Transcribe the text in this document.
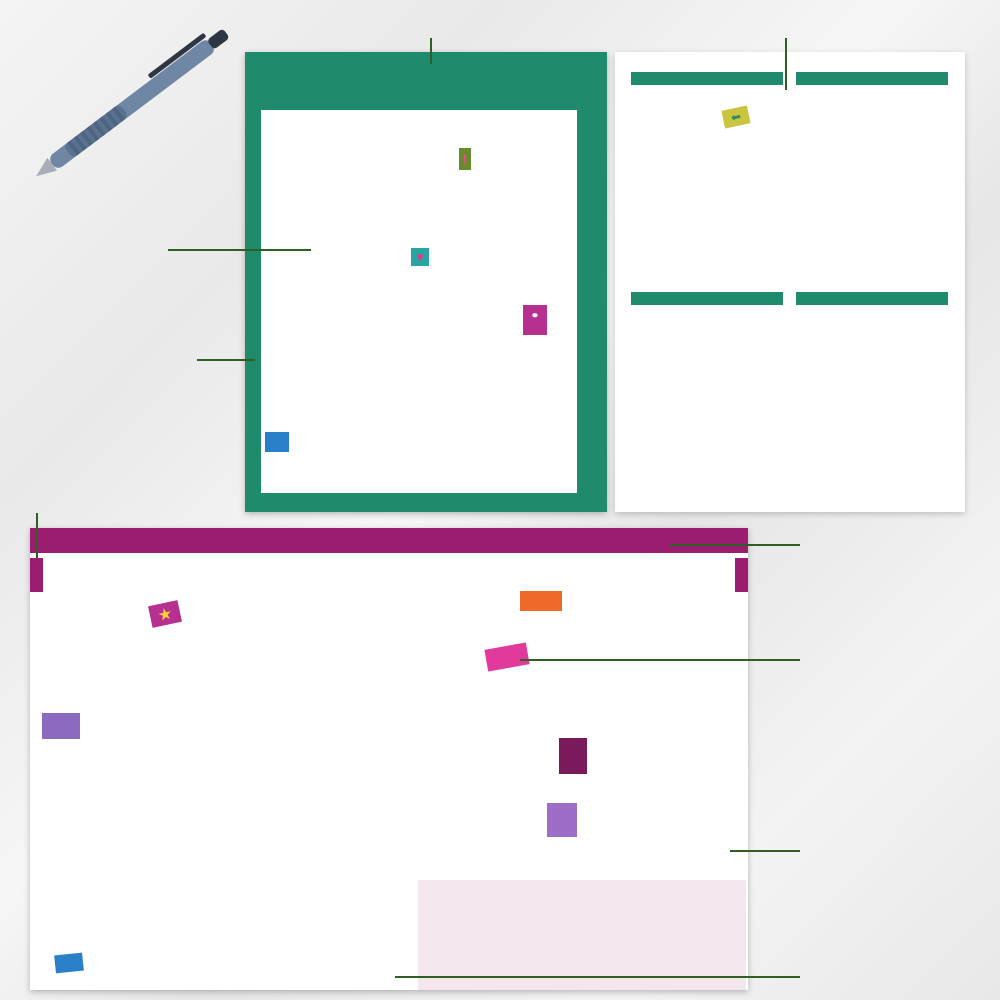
!
♥
⚭
⬅
★
